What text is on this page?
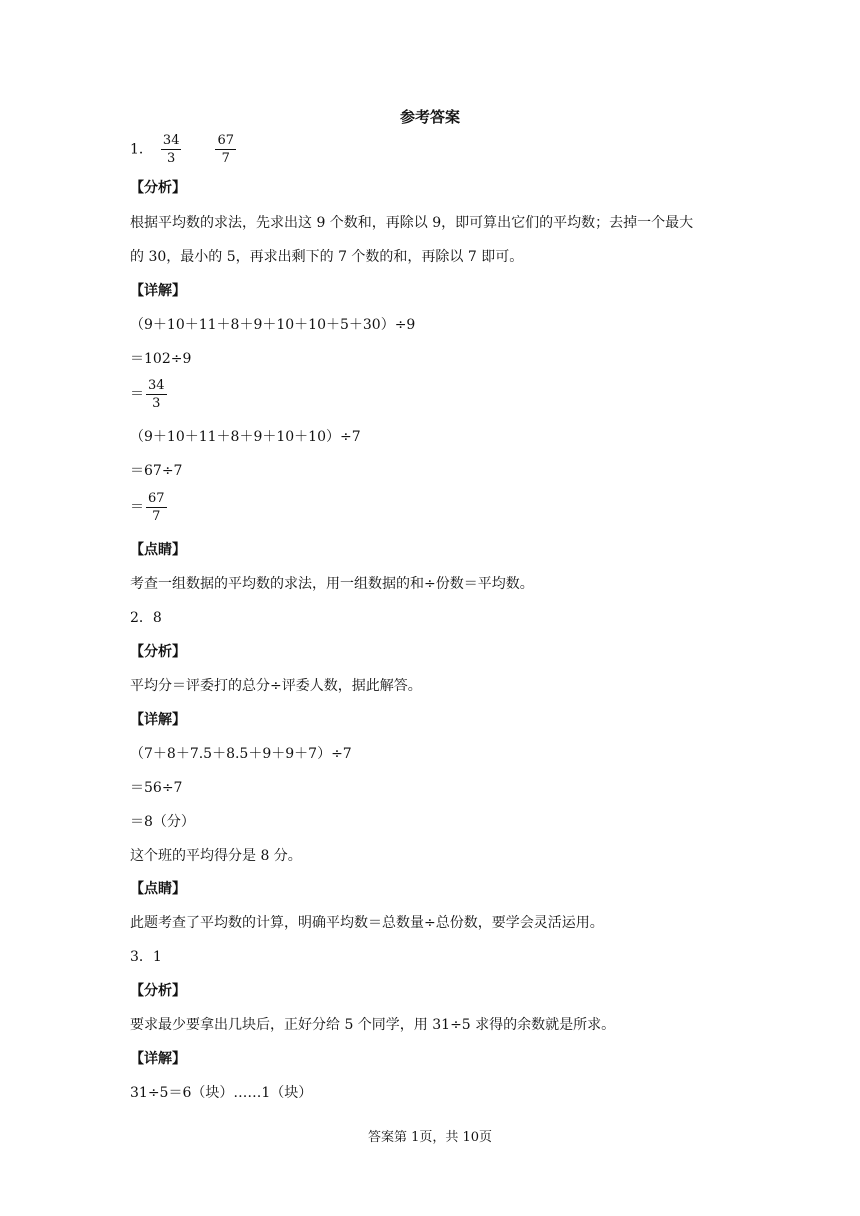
参考答案
1． $\frac{34}{3}$	$\frac{67}{7}$
【分析】
根据平均数的求法，先求出这 9 个数和，再除以 9，即可算出它们的平均数；去掉一个最大
的 30，最小的 5，再求出剩下的 7 个数的和，再除以 7 即可。
【详解】
（9＋10＋11＋8＋9＋10＋10＋5＋30）÷9
＝102÷9
＝ $\frac{34}{3}$
（9＋10＋11＋8＋9＋10＋10）÷7
＝67÷7
＝ $\frac{67}{7}$
【点睛】
考查一组数据的平均数的求法，用一组数据的和÷份数＝平均数。
2．8
【分析】
平均分＝评委打的总分÷评委人数，据此解答。
【详解】
（7＋8＋7.5＋8.5＋9＋9＋7）÷7
＝56÷7
＝8（分）
这个班的平均得分是 8 分。
【点睛】
此题考查了平均数的计算，明确平均数＝总数量÷总份数，要学会灵活运用。
3．1
【分析】
要求最少要拿出几块后，正好分给 5 个同学，用 31÷5 求得的余数就是所求。
【详解】
31÷5＝6（块）……1（块）
答案第 1页，共 10页
